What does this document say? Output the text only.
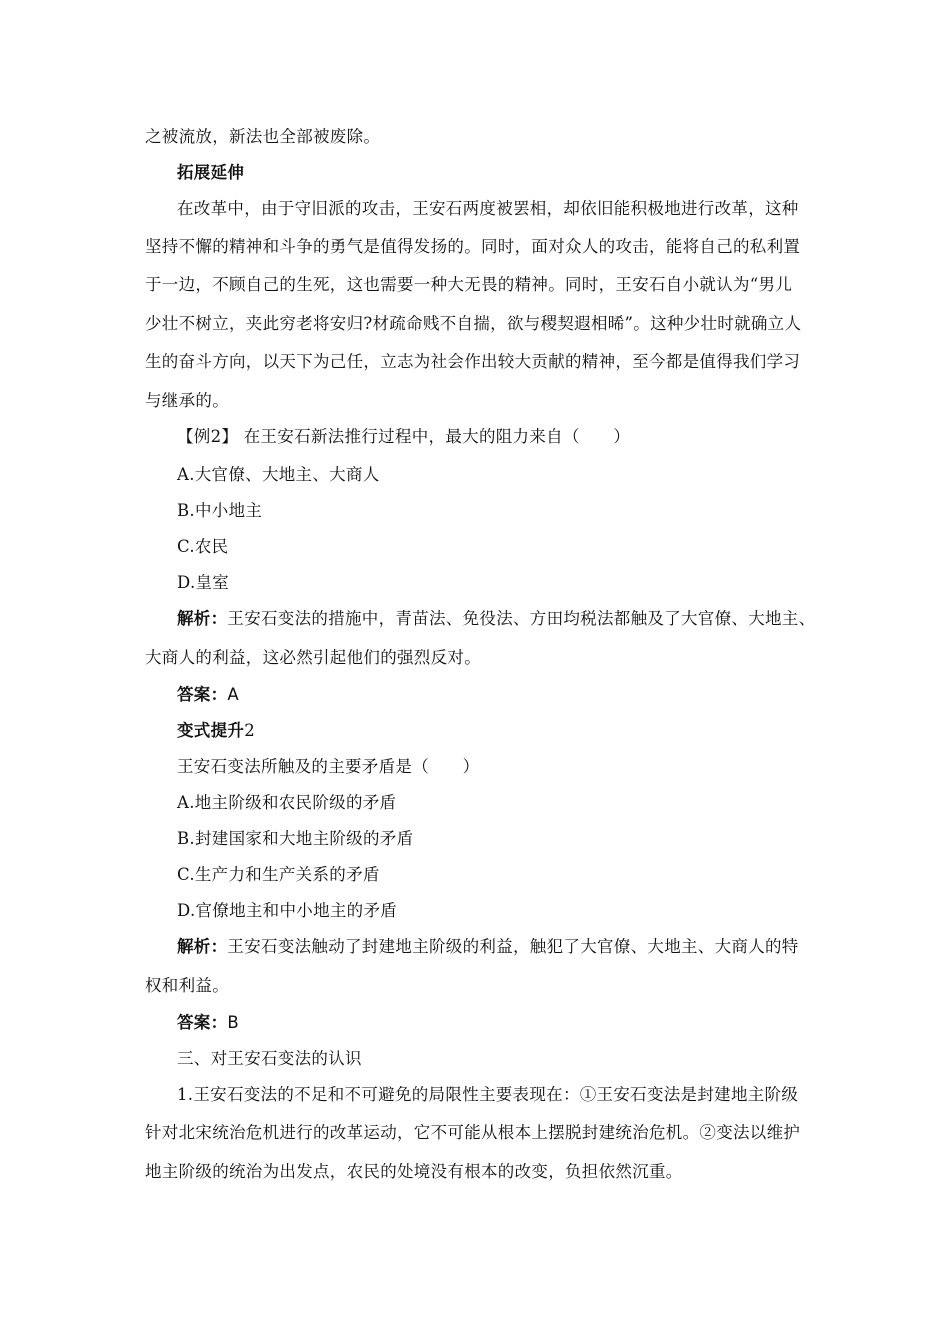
之被流放，新法也全部被废除。
拓展延伸
在改革中，由于守旧派的攻击，王安石两度被罢相，却依旧能积极地进行改革，这种
坚持不懈的精神和斗争的勇气是值得发扬的。同时，面对众人的攻击，能将自己的私利置
于一边，不顾自己的生死，这也需要一种大无畏的精神。同时，王安石自小就认为“男儿
少壮不树立，夹此穷老将安归?材疏命贱不自揣，欲与稷契遐相晞”。这种少壮时就确立人
生的奋斗方向，以天下为己任，立志为社会作出较大贡献的精神，至今都是值得我们学习
与继承的。
【例2】 在王安石新法推行过程中，最大的阻力来自（　　）
A.大官僚、大地主、大商人
B.中小地主
C.农民
D.皇室
解析：王安石变法的措施中，青苗法、免役法、方田均税法都触及了大官僚、大地主、
大商人的利益，这必然引起他们的强烈反对。
答案：A
变式提升2
王安石变法所触及的主要矛盾是（　　）
A.地主阶级和农民阶级的矛盾
B.封建国家和大地主阶级的矛盾
C.生产力和生产关系的矛盾
D.官僚地主和中小地主的矛盾
解析：王安石变法触动了封建地主阶级的利益，触犯了大官僚、大地主、大商人的特
权和利益。
答案：B
三、对王安石变法的认识
1.王安石变法的不足和不可避免的局限性主要表现在：①王安石变法是封建地主阶级
针对北宋统治危机进行的改革运动，它不可能从根本上摆脱封建统治危机。②变法以维护
地主阶级的统治为出发点，农民的处境没有根本的改变，负担依然沉重。
